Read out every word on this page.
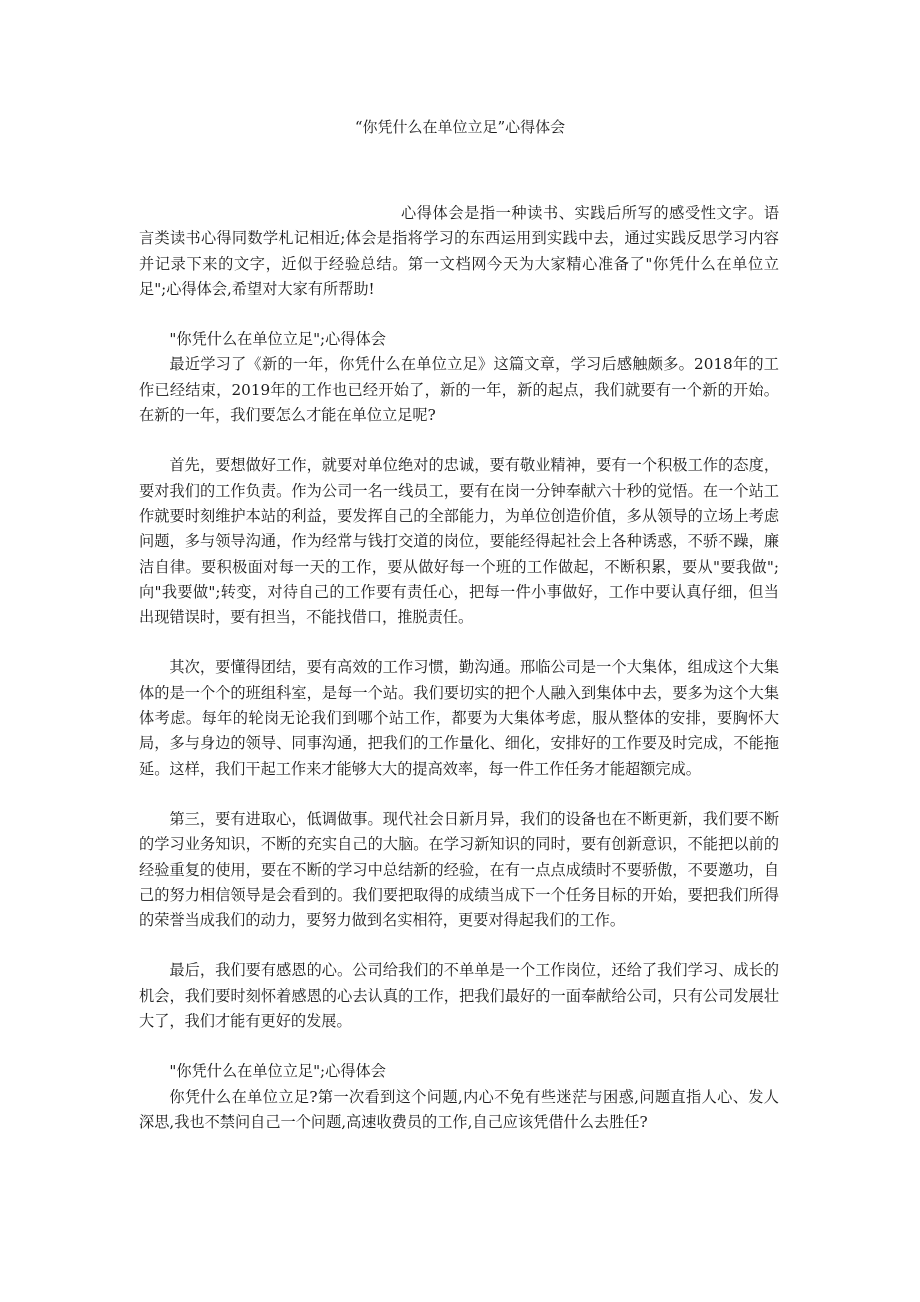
“你凭什么在单位立足”心得体会

心得体会是指一种读书、实践后所写的感受性文字。语言类读书心得同数学札记相近;体会是指将学习的东西运用到实践中去，通过实践反思学习内容并记录下来的文字，近似于经验总结。第一文档网今天为大家精心准备了"你凭什么在单位立足";心得体会,希望对大家有所帮助!

"你凭什么在单位立足";心得体会

最近学习了《新的一年，你凭什么在单位立足》这篇文章，学习后感触颇多。2018年的工作已经结束，2019年的工作也已经开始了，新的一年，新的起点，我们就要有一个新的开始。在新的一年，我们要怎么才能在单位立足呢?

首先，要想做好工作，就要对单位绝对的忠诚，要有敬业精神，要有一个积极工作的态度，要对我们的工作负责。作为公司一名一线员工，要有在岗一分钟奉献六十秒的觉悟。在一个站工作就要时刻维护本站的利益，要发挥自己的全部能力，为单位创造价值，多从领导的立场上考虑问题，多与领导沟通，作为经常与钱打交道的岗位，要能经得起社会上各种诱惑，不骄不躁，廉洁自律。要积极面对每一天的工作，要从做好每一个班的工作做起，不断积累，要从"要我做";向"我要做";转变，对待自己的工作要有责任心，把每一件小事做好，工作中要认真仔细，但当出现错误时，要有担当，不能找借口，推脱责任。

其次，要懂得团结，要有高效的工作习惯，勤沟通。邢临公司是一个大集体，组成这个大集体的是一个个的班组科室，是每一个站。我们要切实的把个人融入到集体中去，要多为这个大集体考虑。每年的轮岗无论我们到哪个站工作，都要为大集体考虑，服从整体的安排，要胸怀大局，多与身边的领导、同事沟通，把我们的工作量化、细化，安排好的工作要及时完成，不能拖延。这样，我们干起工作来才能够大大的提高效率，每一件工作任务才能超额完成。

第三，要有进取心，低调做事。现代社会日新月异，我们的设备也在不断更新，我们要不断的学习业务知识，不断的充实自己的大脑。在学习新知识的同时，要有创新意识，不能把以前的经验重复的使用，要在不断的学习中总结新的经验，在有一点点成绩时不要骄傲，不要邀功，自己的努力相信领导是会看到的。我们要把取得的成绩当成下一个任务目标的开始，要把我们所得的荣誉当成我们的动力，要努力做到名实相符，更要对得起我们的工作。

最后，我们要有感恩的心。公司给我们的不单单是一个工作岗位，还给了我们学习、成长的机会，我们要时刻怀着感恩的心去认真的工作，把我们最好的一面奉献给公司，只有公司发展壮大了，我们才能有更好的发展。

"你凭什么在单位立足";心得体会

你凭什么在单位立足?第一次看到这个问题,内心不免有些迷茫与困惑,问题直指人心、发人深思,我也不禁问自己一个问题,高速收费员的工作,自己应该凭借什么去胜任?
